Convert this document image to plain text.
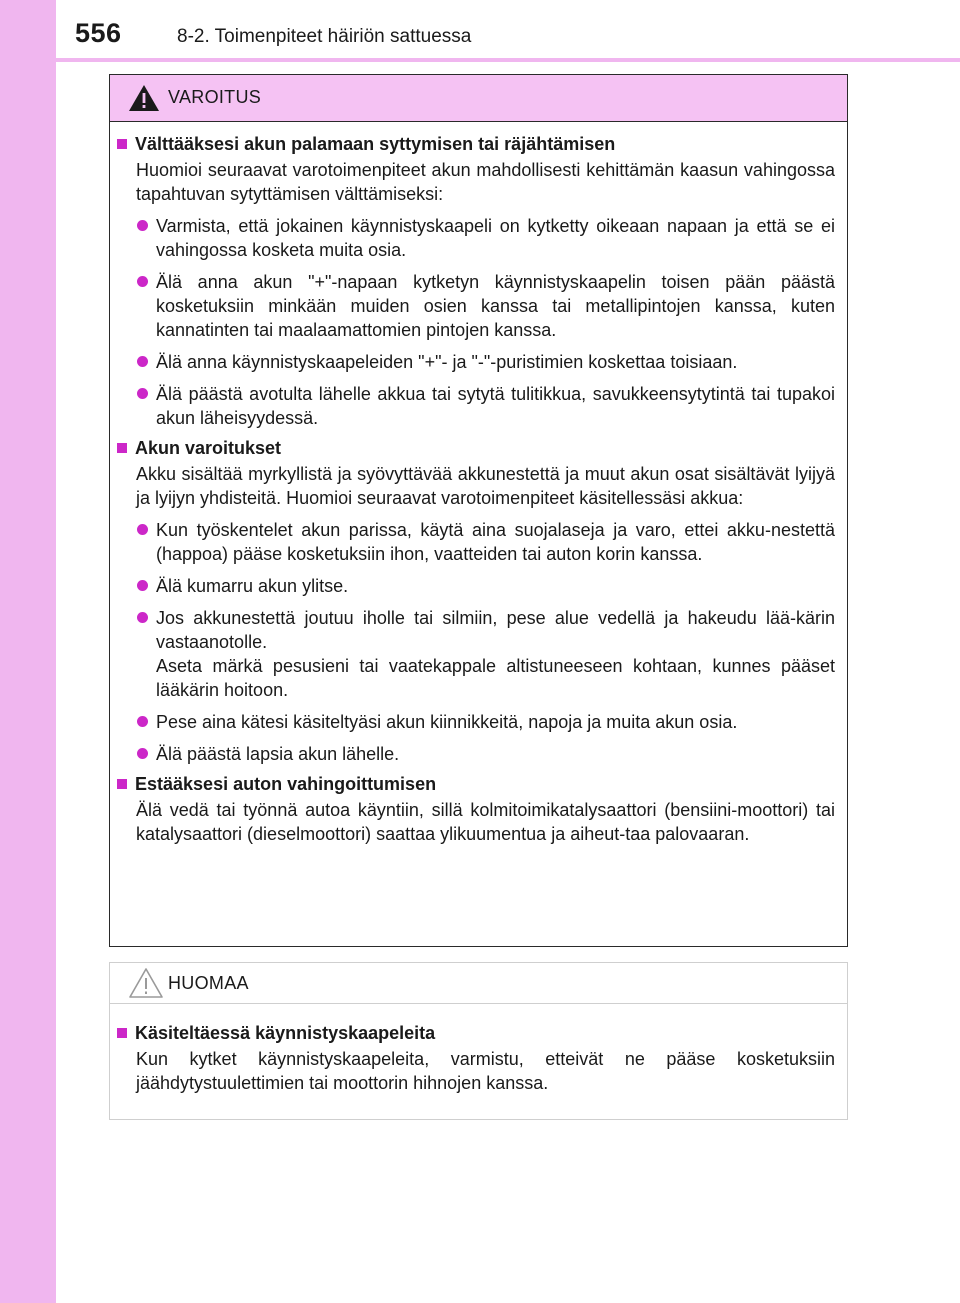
556	8-2. Toimenpiteet häiriön sattuessa
VAROITUS
Välttääksesi akun palamaan syttymisen tai räjähtämisen
Huomioi seuraavat varotoimenpiteet akun mahdollisesti kehittämän kaasun vahingossa tapahtuvan sytyttämisen välttämiseksi:
Varmista, että jokainen käynnistyskaapeli on kytketty oikeaan napaan ja että se ei vahingossa kosketa muita osia.
Älä anna akun "+"-napaan kytketyn käynnistyskaapelin toisen pään päästä kosketuksiin minkään muiden osien kanssa tai metallipintojen kanssa, kuten kannatinten tai maalaamattomien pintojen kanssa.
Älä anna käynnistyskaapeleiden "+"- ja "-"-puristimien koskettaa toisiaan.
Älä päästä avotulta lähelle akkua tai sytytä tulitikkua, savukkeensytytintä tai tupakoi akun läheisyydessä.
Akun varoitukset
Akku sisältää myrkyllistä ja syövyttävää akkunestettä ja muut akun osat sisältävät lyijyä ja lyijyn yhdisteitä. Huomioi seuraavat varotoimenpiteet käsitellessäsi akkua:
Kun työskentelet akun parissa, käytä aina suojalaseja ja varo, ettei akku-nestettä (happoa) pääse kosketuksiin ihon, vaatteiden tai auton korin kanssa.
Älä kumarru akun ylitse.
Jos akkunestettä joutuu iholle tai silmiin, pese alue vedellä ja hakeudu lää-kärin vastaanotolle.
Aseta märkä pesusieni tai vaatekappale altistuneeseen kohtaan, kunnes pääset lääkärin hoitoon.
Pese aina kätesi käsiteltyäsi akun kiinnikkeitä, napoja ja muita akun osia.
Älä päästä lapsia akun lähelle.
Estääksesi auton vahingoittumisen
Älä vedä tai työnnä autoa käyntiin, sillä kolmitoimikatalysaattori (bensiini-moottori) tai katalysaattori (dieselmoottori) saattaa ylikuumentua ja aiheut-taa palovaaran.
HUOMAA
Käsiteltäessä käynnistyskaapeleita
Kun kytket käynnistyskaapeleita, varmistu, etteivät ne pääse kosketuksiin jäähdytystuulettimien tai moottorin hihnojen kanssa.
